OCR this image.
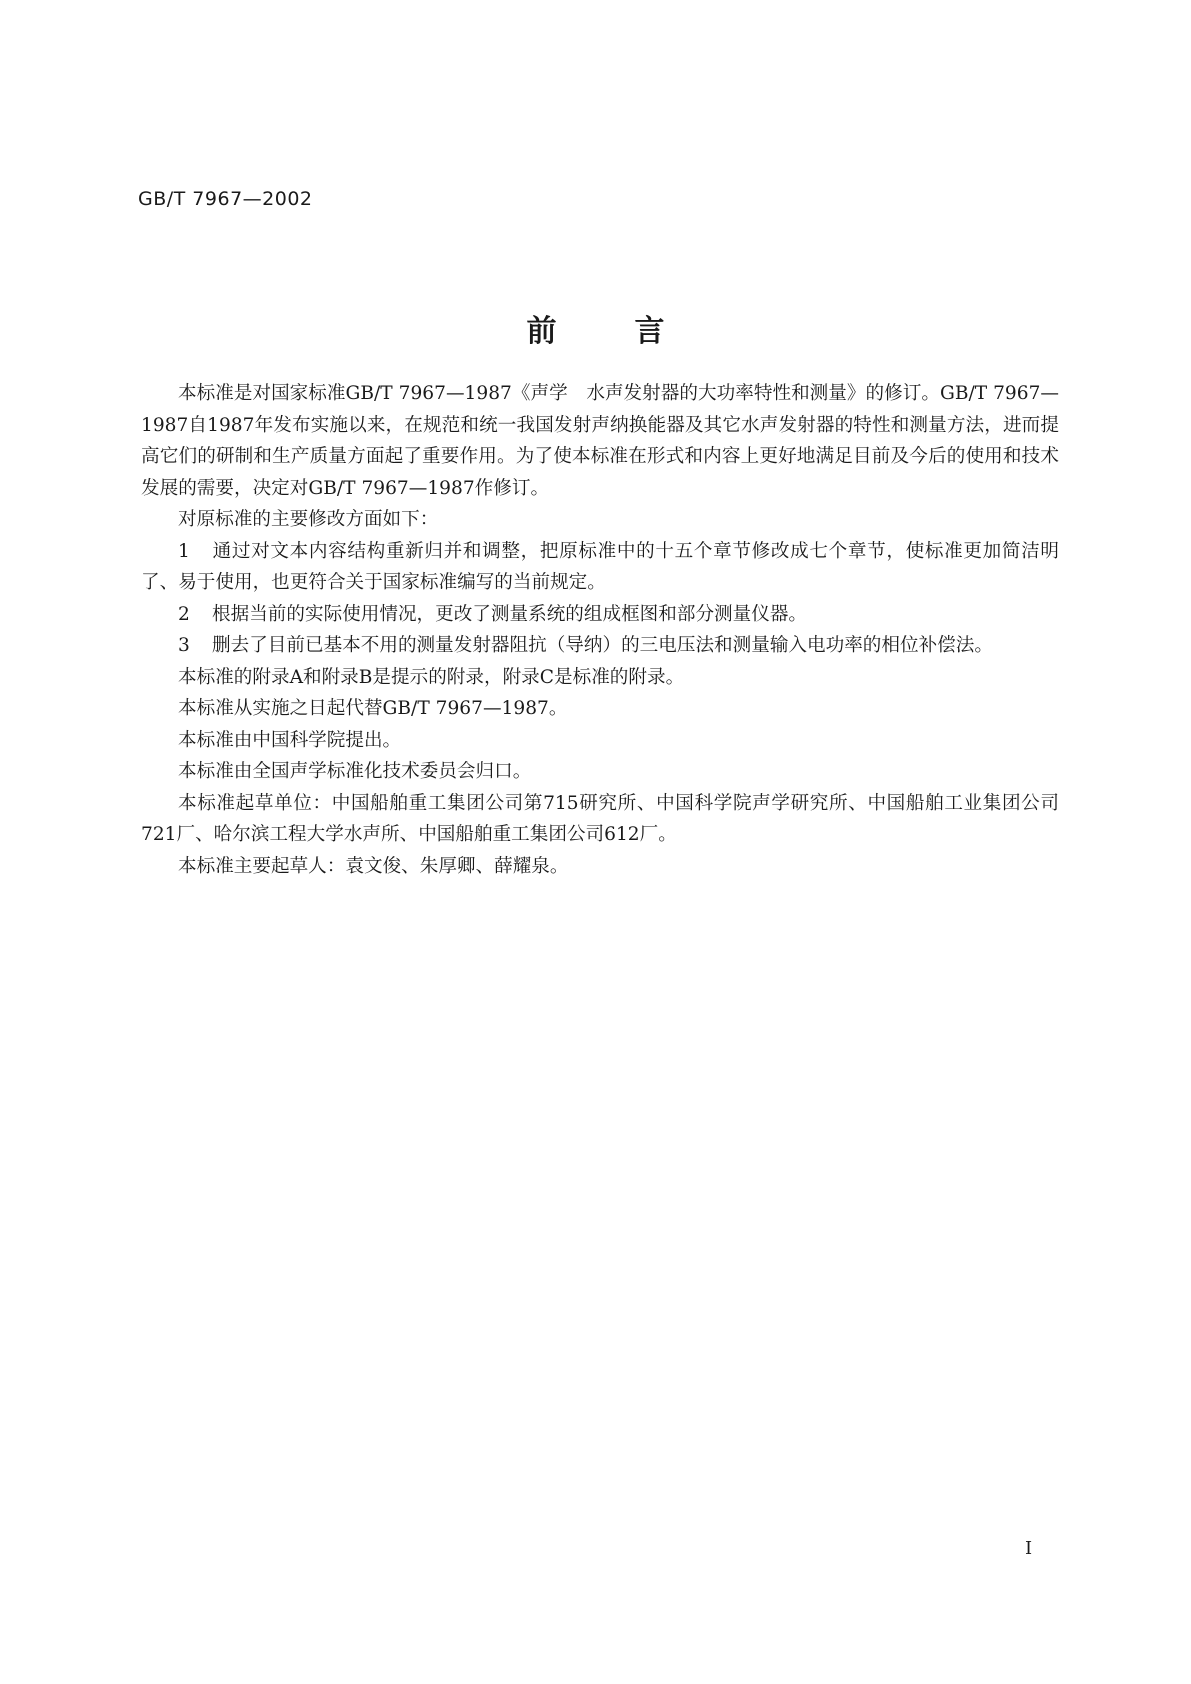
GB/T 7967—2002
前言

本标准是对国家标准GB/T 7967—1987《声学　水声发射器的大功率特性和测量》的修订。GB/T 7967—1987自1987年发布实施以来，在规范和统一我国发射声纳换能器及其它水声发射器的特性和测量方法，进而提高它们的研制和生产质量方面起了重要作用。为了使本标准在形式和内容上更好地满足目前及今后的使用和技术发展的需要，决定对GB/T 7967—1987作修订。

对原标准的主要修改方面如下：

1 通过对文本内容结构重新归并和调整，把原标准中的十五个章节修改成七个章节，使标准更加简洁明了、易于使用，也更符合关于国家标准编写的当前规定。

2 根据当前的实际使用情况，更改了测量系统的组成框图和部分测量仪器。

3 删去了目前已基本不用的测量发射器阻抗（导纳）的三电压法和测量输入电功率的相位补偿法。

本标准的附录A和附录B是提示的附录，附录C是标准的附录。

本标准从实施之日起代替GB/T 7967—1987。

本标准由中国科学院提出。

本标准由全国声学标准化技术委员会归口。

本标准起草单位：中国船舶重工集团公司第715研究所、中国科学院声学研究所、中国船舶工业集团公司721厂、哈尔滨工程大学水声所、中国船舶重工集团公司612厂。

本标准主要起草人：袁文俊、朱厚卿、薛耀泉。

I
